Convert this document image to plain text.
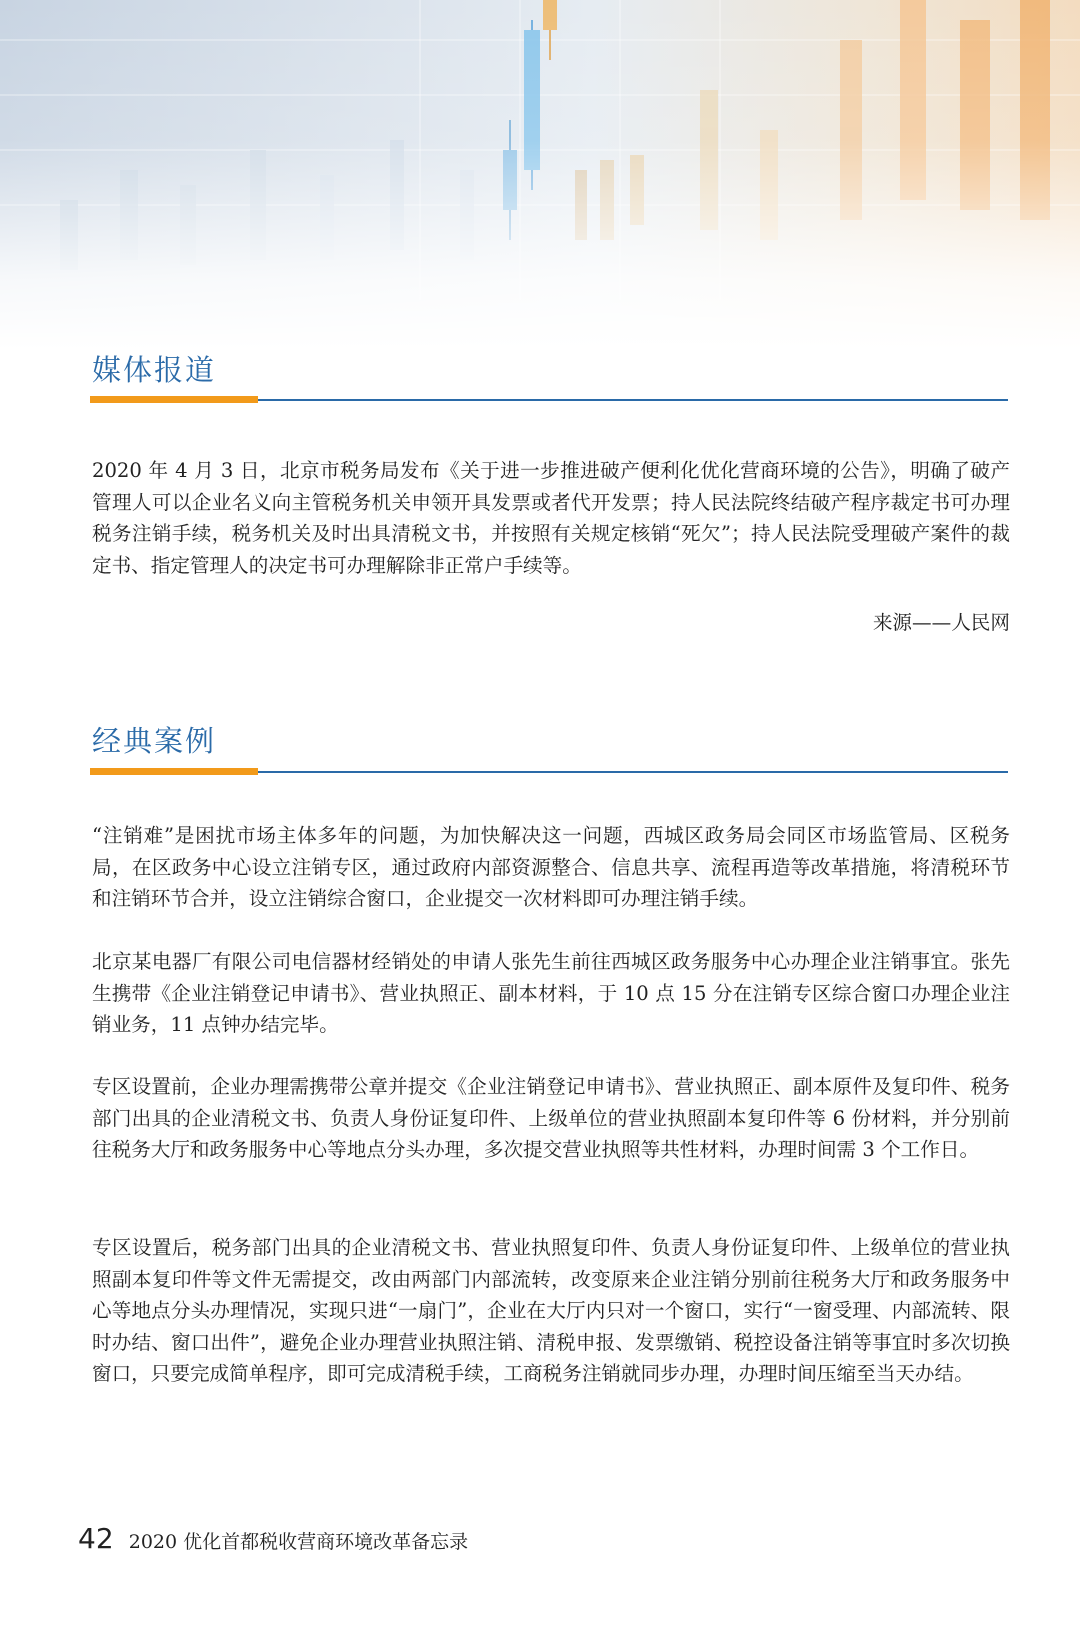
媒体报道

2020 年 4 月 3 日，北京市税务局发布《关于进一步推进破产便利化优化营商环境的公告》，明确了破产管理人可以企业名义向主管税务机关申领开具发票或者代开发票；持人民法院终结破产程序裁定书可办理税务注销手续，税务机关及时出具清税文书，并按照有关规定核销“死欠”；持人民法院受理破产案件的裁定书、指定管理人的决定书可办理解除非正常户手续等。

来源——人民网
经典案例

“注销难”是困扰市场主体多年的问题，为加快解决这一问题，西城区政务局会同区市场监管局、区税务局，在区政务中心设立注销专区，通过政府内部资源整合、信息共享、流程再造等改革措施，将清税环节和注销环节合并，设立注销综合窗口，企业提交一次材料即可办理注销手续。

北京某电器厂有限公司电信器材经销处的申请人张先生前往西城区政务服务中心办理企业注销事宜。张先生携带《企业注销登记申请书》、营业执照正、副本材料，于 10 点 15 分在注销专区综合窗口办理企业注销业务，11 点钟办结完毕。

专区设置前，企业办理需携带公章并提交《企业注销登记申请书》、营业执照正、副本原件及复印件、税务部门出具的企业清税文书、负责人身份证复印件、上级单位的营业执照副本复印件等 6 份材料，并分别前往税务大厅和政务服务中心等地点分头办理，多次提交营业执照等共性材料，办理时间需 3 个工作日。

专区设置后，税务部门出具的企业清税文书、营业执照复印件、负责人身份证复印件、上级单位的营业执照副本复印件等文件无需提交，改由两部门内部流转，改变原来企业注销分别前往税务大厅和政务服务中心等地点分头办理情况，实现只进“一扇门”，企业在大厅内只对一个窗口，实行“一窗受理、内部流转、限时办结、窗口出件”，避免企业办理营业执照注销、清税申报、发票缴销、税控设备注销等事宜时多次切换窗口，只要完成简单程序，即可完成清税手续，工商税务注销就同步办理，办理时间压缩至当天办结。

42 2020 优化首都税收营商环境改革备忘录
